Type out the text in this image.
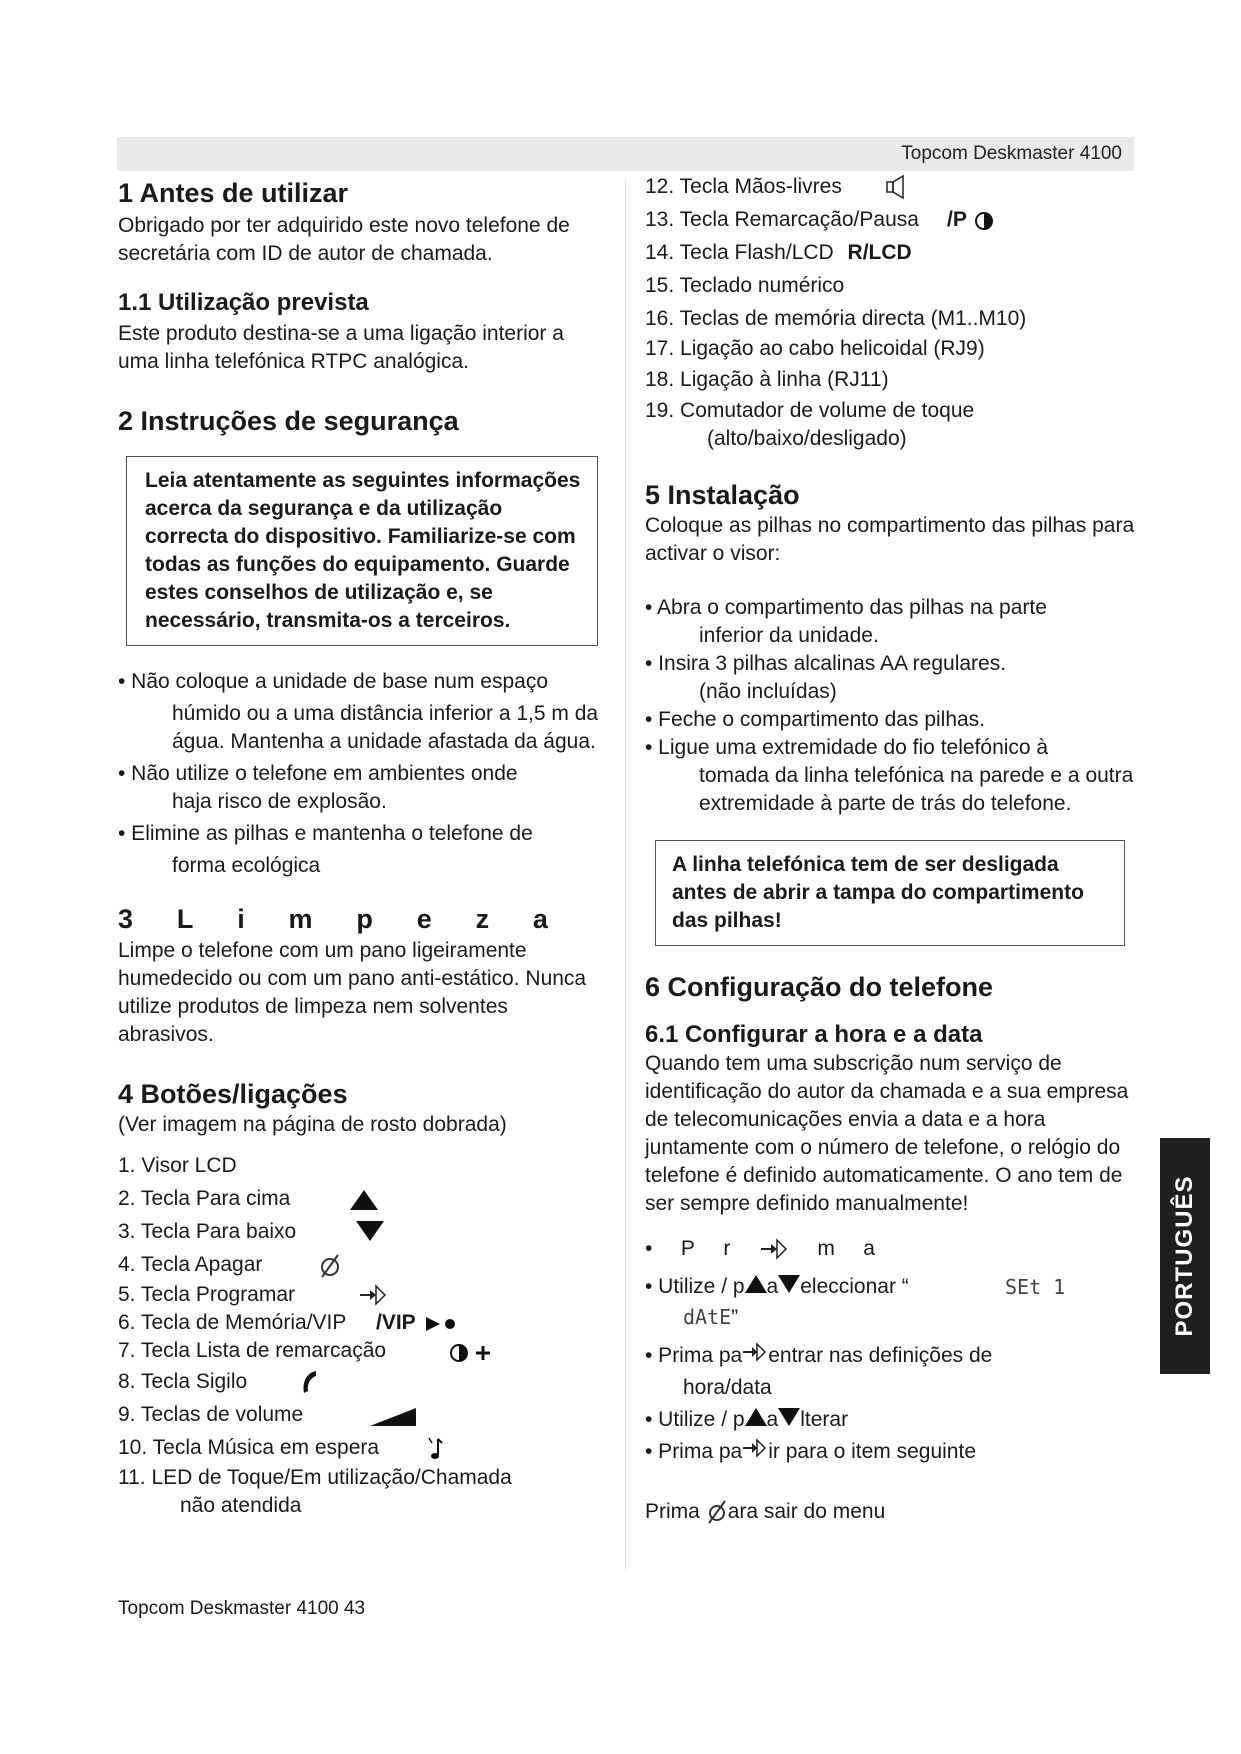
Topcom Deskmaster 4100
1 Antes de utilizar

Obrigado por ter adquirido este novo telefone de secretária com ID de autor de chamada.

1.1 Utilização prevista

Este produto destina-se a uma ligação interior a uma linha telefónica RTPC analógica.

2 Instruções de segurança
Leia atentamente as seguintes informações acerca da segurança e da utilização correcta do dispositivo. Familiarize-se com todas as funções do equipamento. Guarde estes conselhos de utilização e, se necessário, transmita-os a terceiros.
• Não coloque a unidade de base num espaço
húmido ou a uma distância inferior a 1,5 m da água. Mantenha a unidade afastada da água.
• Não utilize o telefone em ambientes onde
haja risco de explosão.
• Elimine as pilhas e mantenha o telefone de
forma ecológica
3 L i m p e z a

Limpe o telefone com um pano ligeiramente humedecido ou com um pano anti-estático. Nunca utilize produtos de limpeza nem solventes abrasivos.

4 Botões/ligações

(Ver imagem na página de rosto dobrada)

1. Visor LCD
2. Tecla Para cima
3. Tecla Para baixo
4. Tecla Apagar
5. Tecla Programar
6. Tecla de Memória/VIP /VIP
7. Tecla Lista de remarcação
8. Tecla Sigilo
9. Teclas de volume
10. Tecla Música em espera
11. LED de Toque/Em utilização/Chamada
não atendida
12. Tecla Mãos-livres
13. Tecla Remarcação/Pausa /P
14. Tecla Flash/LCD R/LCD
15. Teclado numérico
16. Teclas de memória directa (M1..M10)
17. Ligação ao cabo helicoidal (RJ9)
18. Ligação à linha (RJ11)
19. Comutador de volume de toque
(alto/baixo/desligado)
5 Instalação

Coloque as pilhas no compartimento das pilhas para activar o visor:

• Abra o compartimento das pilhas na parte
inferior da unidade.
• Insira 3 pilhas alcalinas AA regulares.
(não incluídas)
• Feche o compartimento das pilhas.
• Ligue uma extremidade do fio telefónico à
tomada da linha telefónica na parede e a outra extremidade à parte de trás do telefone.
A linha telefónica tem de ser desligada antes de abrir a tampa do compartimento das pilhas!
6 Configuração do telefone
6.1 Configurar a hora e a data

Quando tem uma subscrição num serviço de identificação do autor da chamada e a sua empresa de telecomunicações envia a data e a hora juntamente com o número de telefone, o relógio do telefone é definido automaticamente. O ano tem de ser sempre definido manualmente!

• P r	m a
• Utilize / p a eleccionar “	SEt 1
dAtE”
• Prima pa entrar nas definições de
hora/data
• Utilize / p a lterar
• Prima pa ir para o item seguinte
Prima ara sair do menu
PORTUGUÊS
Topcom Deskmaster 4100 43
